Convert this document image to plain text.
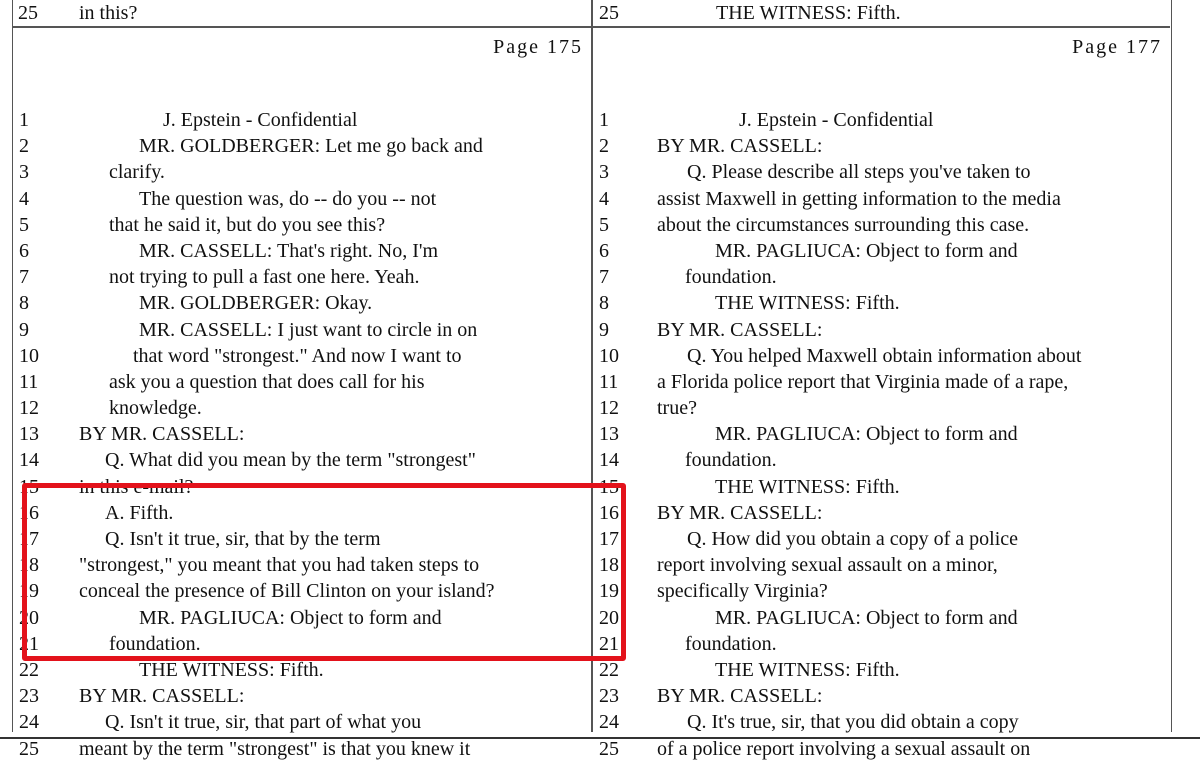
25 in this?	25	THE WITNESS: Fifth.
Page 175
1	J. Epstein - Confidential
2	MR. GOLDBERGER: Let me go back and
3	clarify.
4	The question was, do -- do you -- not
5	that he said it, but do you see this?
6	MR. CASSELL: That's right. No, I'm
7	not trying to pull a fast one here. Yeah.
8	MR. GOLDBERGER: Okay.
9	MR. CASSELL: I just want to circle in on
10	that word "strongest." And now I want to
11	ask you a question that does call for his
12	knowledge.
13 BY MR. CASSELL:
14	Q. What did you mean by the term "strongest"
15 in this e-mail?
16	A. Fifth.
17	Q. Isn't it true, sir, that by the term
18 "strongest," you meant that you had taken steps to
19 conceal the presence of Bill Clinton on your island?
20	MR. PAGLIUCA: Object to form and
21	foundation.
22	THE WITNESS: Fifth.
23 BY MR. CASSELL:
24	Q. Isn't it true, sir, that part of what you
25 meant by the term "strongest" is that you knew it
Page 177
1	J. Epstein - Confidential
2	BY MR. CASSELL:
3	Q. Please describe all steps you've taken to
4	assist Maxwell in getting information to the media
5	about the circumstances surrounding this case.
6	MR. PAGLIUCA: Object to form and
7	foundation.
8	THE WITNESS: Fifth.
9	BY MR. CASSELL:
10	Q. You helped Maxwell obtain information about
11	a Florida police report that Virginia made of a rape,
12	true?
13	MR. PAGLIUCA: Object to form and
14	foundation.
15	THE WITNESS: Fifth.
16	BY MR. CASSELL:
17	Q. How did you obtain a copy of a police
18	report involving sexual assault on a minor,
19	specifically Virginia?
20	MR. PAGLIUCA: Object to form and
21	foundation.
22	THE WITNESS: Fifth.
23	BY MR. CASSELL:
24	Q. It's true, sir, that you did obtain a copy
25	of a police report involving a sexual assault on
